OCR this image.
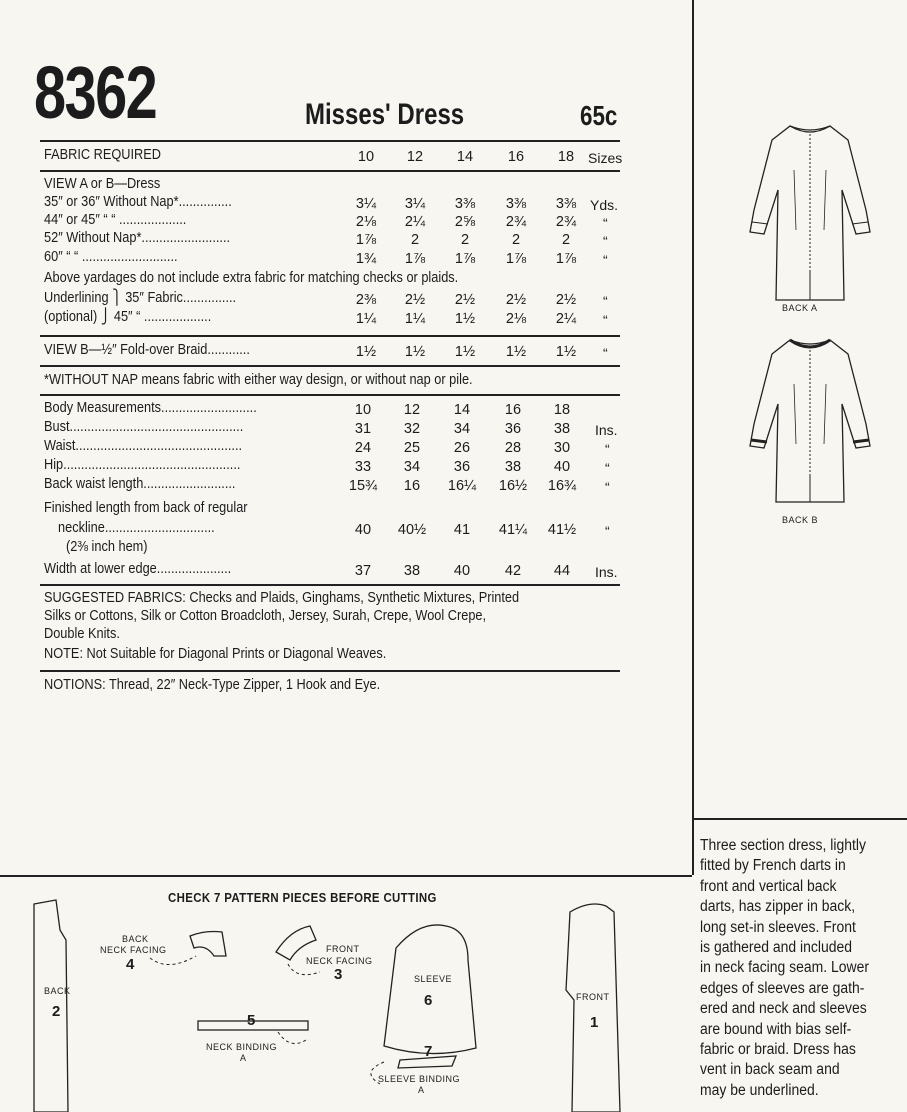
8362	Misses' Dress	65c
FABRIC REQUIRED	10	12	14	16	18 Sizes
VIEW A or B—Dress
35″ or 36″ Without Nap*...............	3¼	3¼	3⅜	3⅜	3⅜ Yds.
44″ or 45″ “ “ ...................	2⅛	2¼	2⅝	2¾	2¾	“
52″ Without Nap*.........................	1⅞	2	2	2	2	“
60″ “ “ ...........................	1¾	1⅞	1⅞	1⅞	1⅞	“
Above yardages do not include extra fabric for matching checks or plaids.
Underlining ⎫ 35″ Fabric...............	2⅜	2½	2½	2½	2½	“
(optional) ⎭ 45″ “ ...................	1¼	1¼	1½	2⅛	2¼	“
VIEW B—½″ Fold-over Braid............	1½	1½	1½	1½	1½	“
*WITHOUT NAP means fabric with either way design, or without nap or pile.
Body Measurements...........................	10	12	14	16	18
Bust.................................................	31	32	34	36	38	Ins.
Waist...............................................	24	25	26	28	30	“
Hip..................................................	33	34	36	38	40	“
Back waist length..........................	15¾	16	16¼	16½	16¾	“
Finished length from back of regular
neckline...............................
(2⅜ inch hem)
40	40½	41	41¼	41½	“
Width at lower edge.....................	37	38	40	42	44	Ins.
SUGGESTED FABRICS: Checks and Plaids, Ginghams, Synthetic Mixtures, Printed
Silks or Cottons, Silk or Cotton Broadcloth, Jersey, Surah, Crepe, Wool Crepe,
Double Knits.
NOTE: Not Suitable for Diagonal Prints or Diagonal Weaves.
NOTIONS: Thread, 22″ Neck-Type Zipper, 1 Hook and Eye.
BACK A
BACK B
Three section dress, lightly
fitted by French darts in
front and vertical back
darts, has zipper in back,
long set-in sleeves. Front
is gathered and included
in neck facing seam. Lower
edges of sleeves are gath-
ered and neck and sleeves
are bound with bias self-
fabric or braid. Dress has
vent in back seam and
may be underlined.
CHECK 7 PATTERN PIECES BEFORE CUTTING
BACK
2
BACK
NECK FACING
4
FRONT
NECK FACING
3	SLEEVE
6	FRONT
1
5
NECK BINDING
A	7
SLEEVE BINDING
A
